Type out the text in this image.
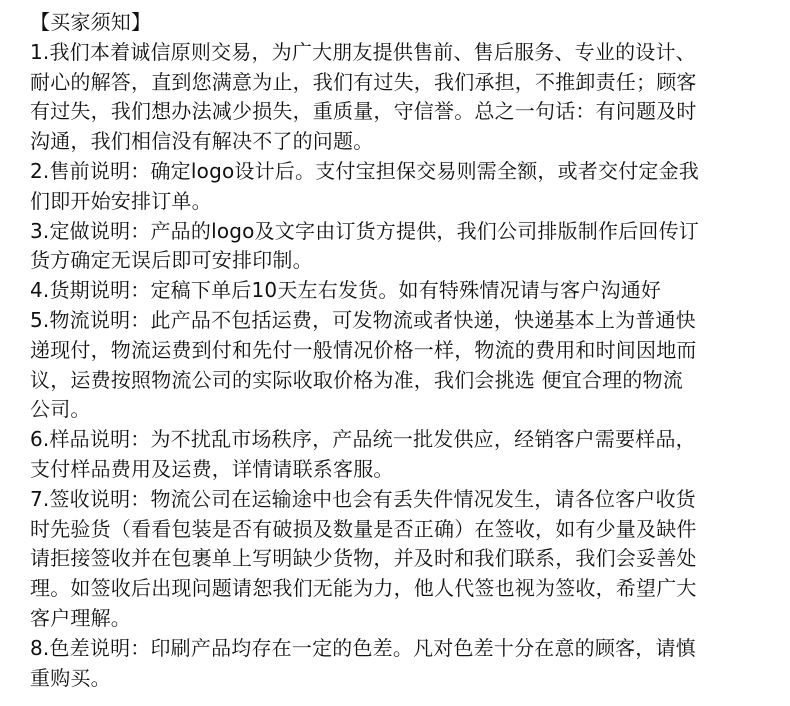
【买家须知】
1.我们本着诚信原则交易，为广大朋友提供售前、售后服务、专业的设计、
耐心的解答，直到您满意为止，我们有过失，我们承担，不推卸责任；顾客
有过失，我们想办法减少损失，重质量，守信誉。总之一句话：有问题及时
沟通，我们相信没有解决不了的问题。
2.售前说明：确定logo设计后。支付宝担保交易则需全额，或者交付定金我
们即开始安排订单。
3.定做说明：产品的logo及文字由订货方提供，我们公司排版制作后回传订
货方确定无误后即可安排印制。
4.货期说明：定稿下单后10天左右发货。如有特殊情况请与客户沟通好
5.物流说明：此产品不包括运费，可发物流或者快递，快递基本上为普通快
递现付，物流运费到付和先付一般情况价格一样，物流的费用和时间因地而
议，运费按照物流公司的实际收取价格为准，我们会挑选 便宜合理的物流
公司。
6.样品说明：为不扰乱市场秩序，产品统一批发供应，经销客户需要样品，
支付样品费用及运费，详情请联系客服。
7.签收说明：物流公司在运输途中也会有丢失件情况发生，请各位客户收货
时先验货（看看包装是否有破损及数量是否正确）在签收，如有少量及缺件
请拒接签收并在包裹单上写明缺少货物，并及时和我们联系，我们会妥善处
理。如签收后出现问题请恕我们无能为力，他人代签也视为签收，希望广大
客户理解。
8.色差说明：印刷产品均存在一定的色差。凡对色差十分在意的顾客，请慎
重购买。
